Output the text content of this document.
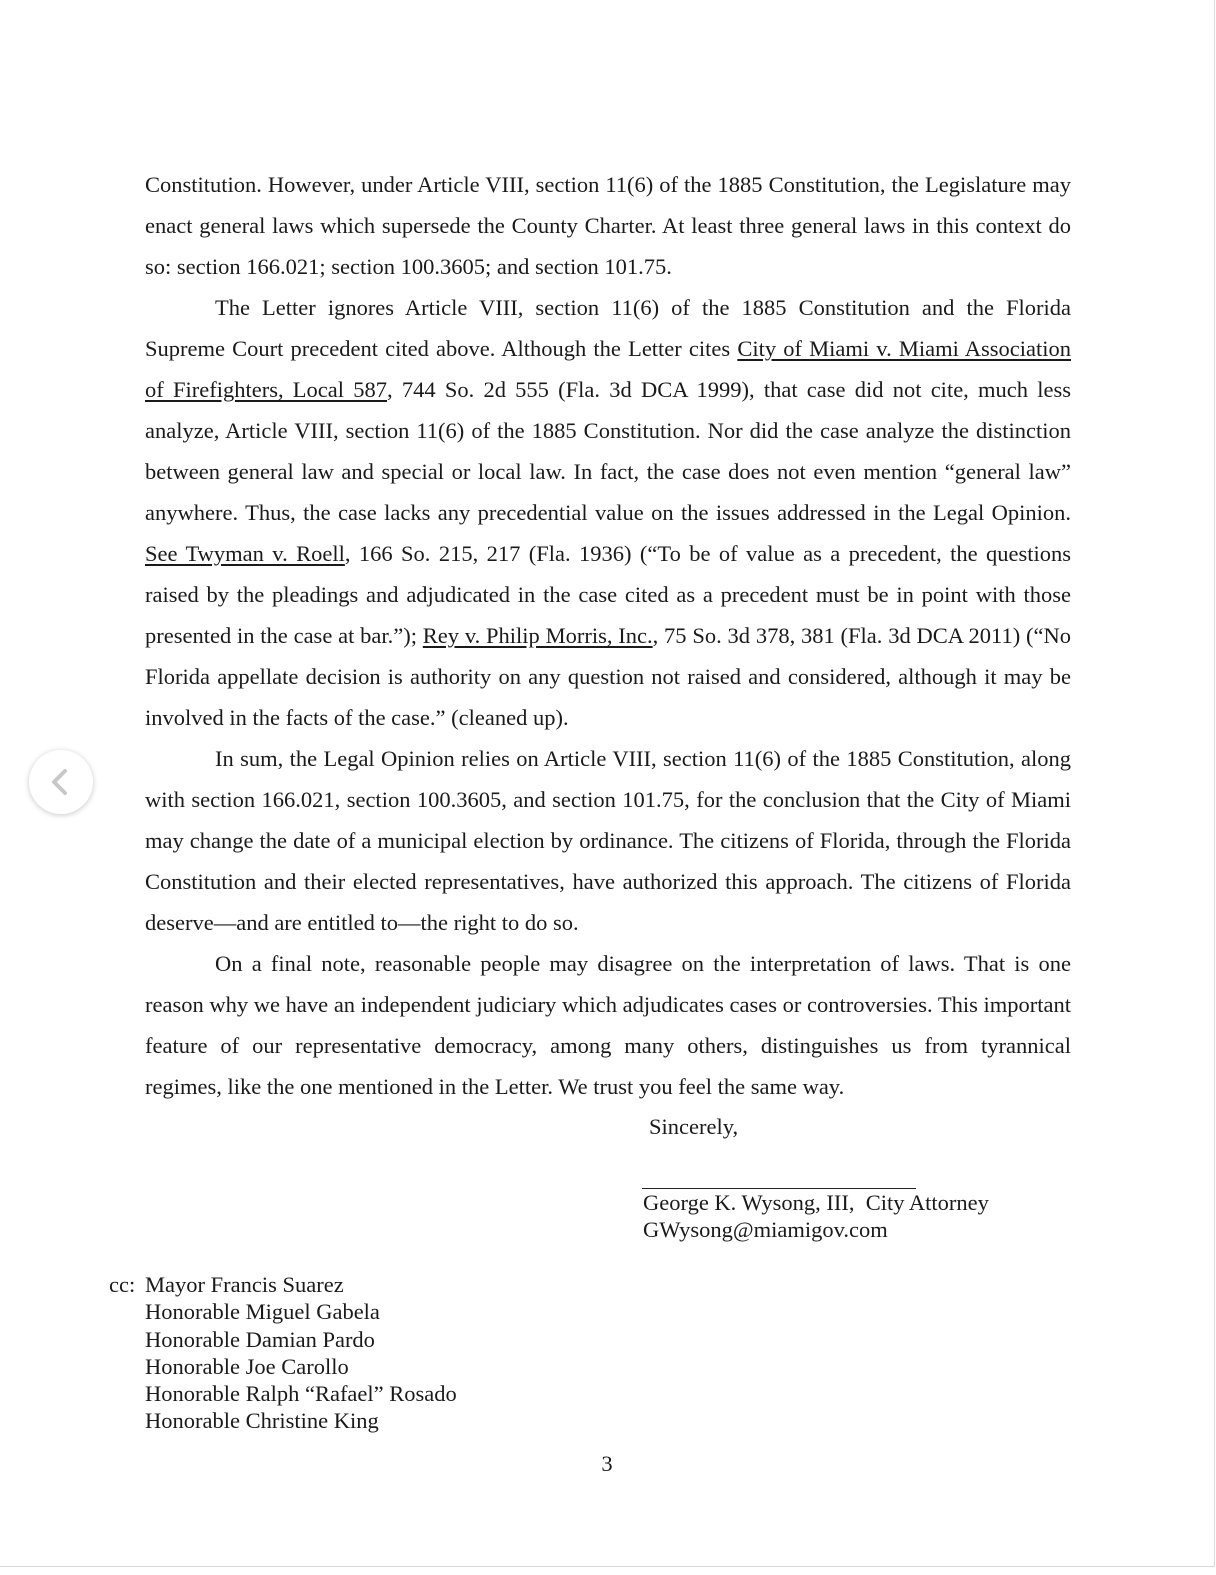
Constitution. However, under Article VIII, section 11(6) of the 1885 Constitution, the Legislature may enact general laws which supersede the County Charter. At least three general laws in this context do so: section 166.021; section 100.3605; and section 101.75.

The Letter ignores Article VIII, section 11(6) of the 1885 Constitution and the Florida Supreme Court precedent cited above. Although the Letter cites City of Miami v. Miami Association of Firefighters, Local 587, 744 So. 2d 555 (Fla. 3d DCA 1999), that case did not cite, much less analyze, Article VIII, section 11(6) of the 1885 Constitution. Nor did the case analyze the distinction between general law and special or local law. In fact, the case does not even mention “general law” anywhere. Thus, the case lacks any precedential value on the issues addressed in the Legal Opinion. See Twyman v. Roell, 166 So. 215, 217 (Fla. 1936) (“To be of value as a precedent, the questions raised by the pleadings and adjudicated in the case cited as a precedent must be in point with those presented in the case at bar.”); Rey v. Philip Morris, Inc., 75 So. 3d 378, 381 (Fla. 3d DCA 2011) (“No Florida appellate decision is authority on any question not raised and considered, although it may be involved in the facts of the case.” (cleaned up).

In sum, the Legal Opinion relies on Article VIII, section 11(6) of the 1885 Constitution, along with section 166.021, section 100.3605, and section 101.75, for the conclusion that the City of Miami may change the date of a municipal election by ordinance. The citizens of Florida, through the Florida Constitution and their elected representatives, have authorized this approach. The citizens of Florida deserve—and are entitled to—the right to do so.

On a final note, reasonable people may disagree on the interpretation of laws. That is one reason why we have an independent judiciary which adjudicates cases or controversies. This important feature of our representative democracy, among many others, distinguishes us from tyrannical regimes, like the one mentioned in the Letter. We trust you feel the same way.

Sincerely,
George K. Wysong, III,  City Attorney
GWysong@miamigov.com
cc: Mayor Francis Suarez
Honorable Miguel Gabela
Honorable Damian Pardo
Honorable Joe Carollo
Honorable Ralph “Rafael” Rosado
Honorable Christine King
3
